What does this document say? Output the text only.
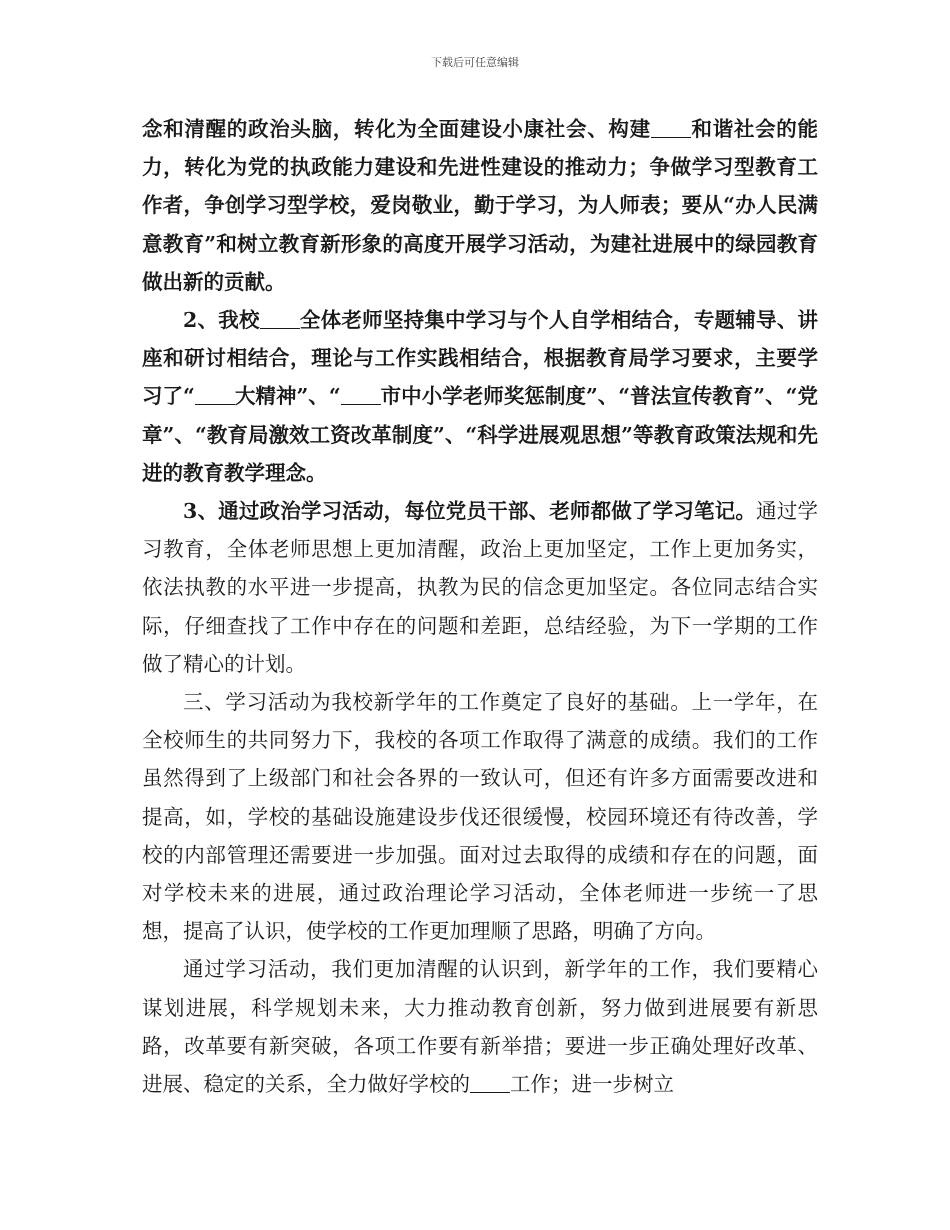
下载后可任意编辑

念和清醒的政治头脑，转化为全面建设小康社会、构建 和谐社会的能力，转化为党的执政能力建设和先进性建设的推动力；争做学习型教育工作者，争创学习型学校，爱岗敬业，勤于学习，为人师表；要从“办人民满意教育”和树立教育新形象的高度开展学习活动，为建社进展中的绿园教育做出新的贡献。

2、我校 全体老师坚持集中学习与个人自学相结合，专题辅导、讲座和研讨相结合，理论与工作实践相结合，根据教育局学习要求，主要学习了“ 大精神”、“ 市中小学老师奖惩制度”、“普法宣传教育”、“党章”、“教育局激效工资改革制度”、“科学进展观思想”等教育政策法规和先进的教育教学理念。

3、通过政治学习活动，每位党员干部、老师都做了学习笔记。通过学习教育，全体老师思想上更加清醒，政治上更加坚定，工作上更加务实，依法执教的水平进一步提高，执教为民的信念更加坚定。各位同志结合实际，仔细查找了工作中存在的问题和差距，总结经验，为下一学期的工作做了精心的计划。

三、学习活动为我校新学年的工作奠定了良好的基础。上一学年，在全校师生的共同努力下，我校的各项工作取得了满意的成绩。我们的工作虽然得到了上级部门和社会各界的一致认可，但还有许多方面需要改进和提高，如，学校的基础设施建设步伐还很缓慢，校园环境还有待改善，学校的内部管理还需要进一步加强。面对过去取得的成绩和存在的问题，面对学校未来的进展，通过政治理论学习活动，全体老师进一步统一了思想，提高了认识，使学校的工作更加理顺了思路，明确了方向。

通过学习活动，我们更加清醒的认识到，新学年的工作，我们要精心谋划进展，科学规划未来，大力推动教育创新，努力做到进展要有新思路，改革要有新突破，各项工作要有新举措；要进一步正确处理好改革、进展、稳定的关系，全力做好学校的 工作；进一步树立
